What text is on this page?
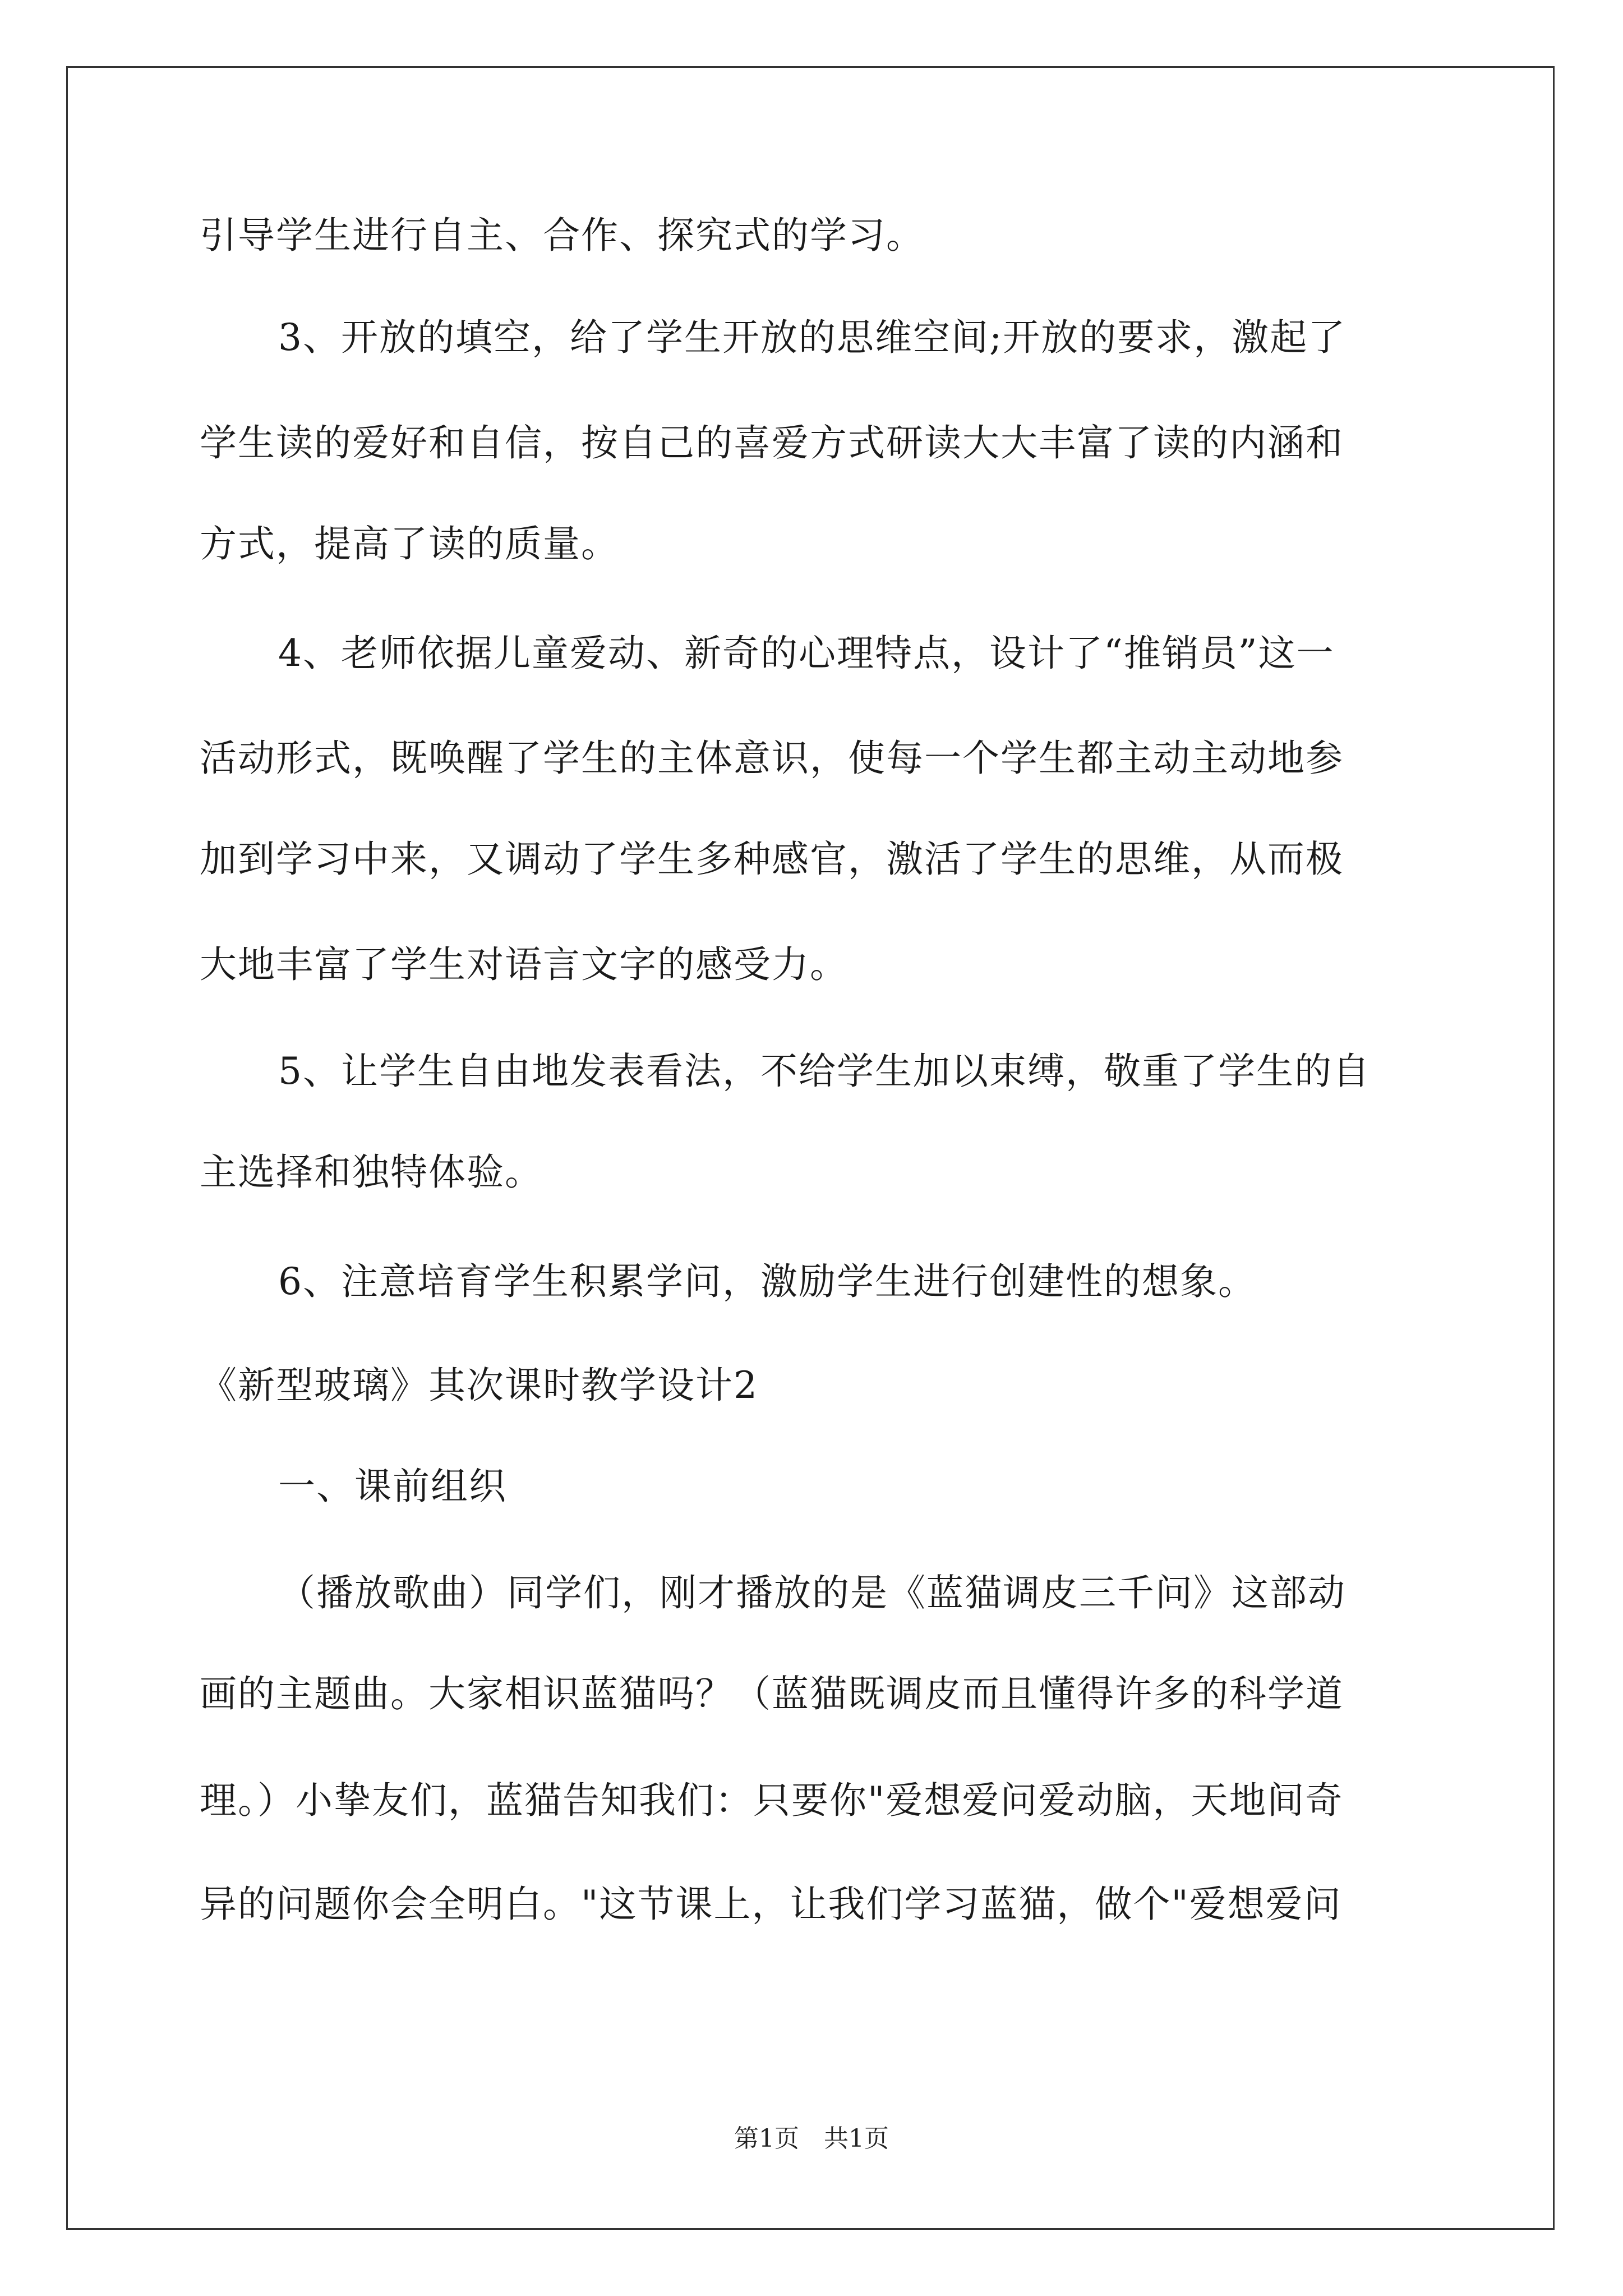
引导学生进行自主、合作、探究式的学习。
3、开放的填空，给了学生开放的思维空间;开放的要求，激起了
学生读的爱好和自信，按自己的喜爱方式研读大大丰富了读的内涵和
方式，提高了读的质量。
4、老师依据儿童爱动、新奇的心理特点，设计了“推销员”这一
活动形式，既唤醒了学生的主体意识，使每一个学生都主动主动地参
加到学习中来，又调动了学生多种感官，激活了学生的思维，从而极
大地丰富了学生对语言文字的感受力。
5、让学生自由地发表看法，不给学生加以束缚，敬重了学生的自
主选择和独特体验。
6、注意培育学生积累学问，激励学生进行创建性的想象。
《新型玻璃》其次课时教学设计2
一、课前组织
（播放歌曲）同学们，刚才播放的是《蓝猫调皮三千问》这部动
画的主题曲。大家相识蓝猫吗？（蓝猫既调皮而且懂得许多的科学道
理。）小挚友们，蓝猫告知我们：只要你"爱想爱问爱动脑，天地间奇
异的问题你会全明白。"这节课上，让我们学习蓝猫，做个"爱想爱问
第1页　共1页
